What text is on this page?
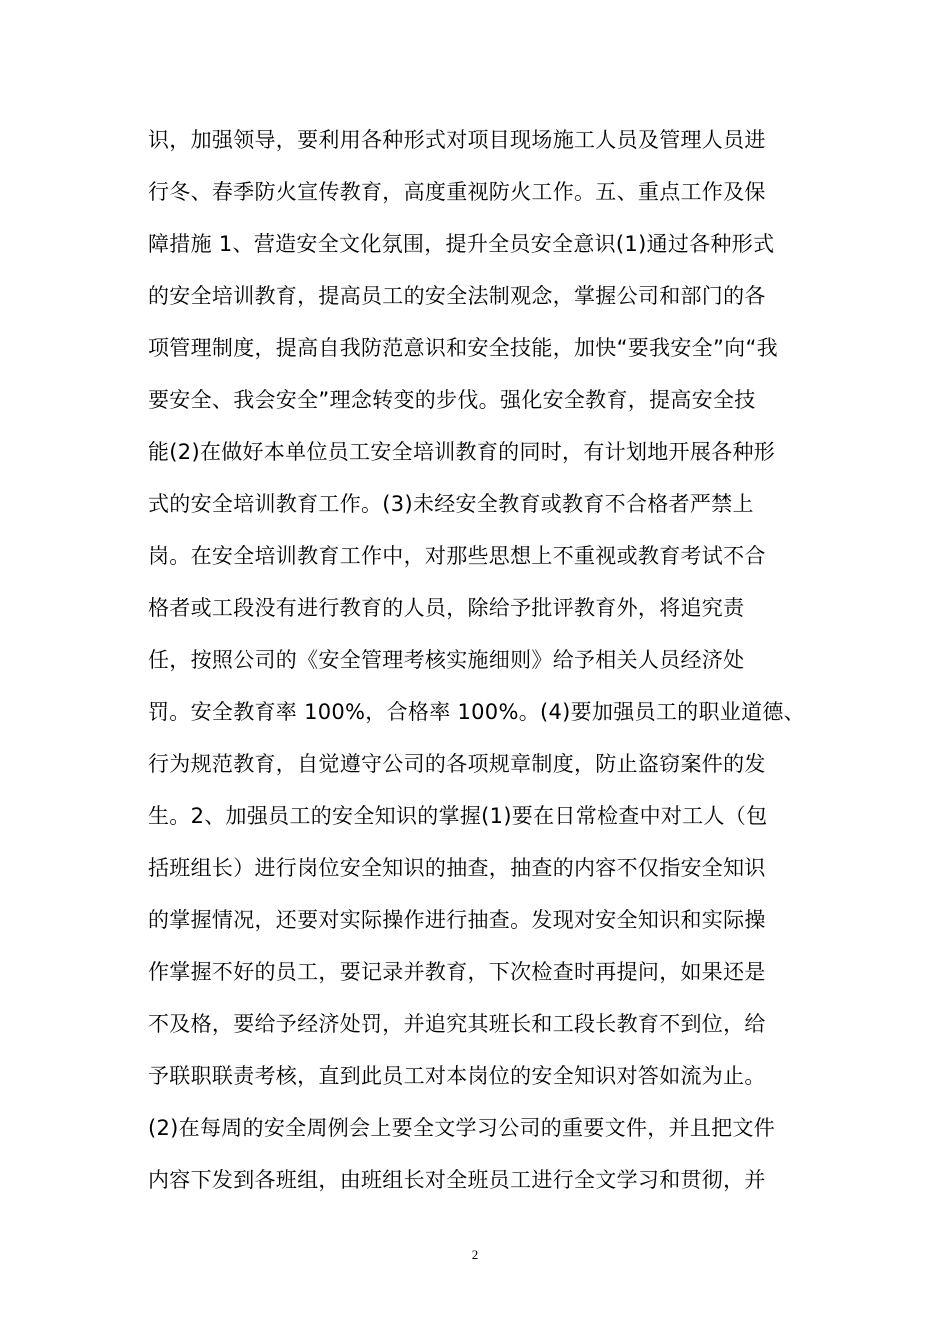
识，加强领导，要利用各种形式对项目现场施工人员及管理人员进
行冬、春季防火宣传教育，高度重视防火工作。五、重点工作及保
障措施 1、营造安全文化氛围，提升全员安全意识(1)通过各种形式
的安全培训教育，提高员工的安全法制观念，掌握公司和部门的各
项管理制度，提高自我防范意识和安全技能，加快“要我安全”向“我
要安全、我会安全”理念转变的步伐。强化安全教育，提高安全技
能(2)在做好本单位员工安全培训教育的同时，有计划地开展各种形
式的安全培训教育工作。(3)未经安全教育或教育不合格者严禁上
岗。在安全培训教育工作中，对那些思想上不重视或教育考试不合
格者或工段没有进行教育的人员，除给予批评教育外，将追究责
任，按照公司的《安全管理考核实施细则》给予相关人员经济处
罚。安全教育率 100%，合格率 100%。(4)要加强员工的职业道德、
行为规范教育，自觉遵守公司的各项规章制度，防止盗窃案件的发
生。2、加强员工的安全知识的掌握(1)要在日常检查中对工人（包
括班组长）进行岗位安全知识的抽查，抽查的内容不仅指安全知识
的掌握情况，还要对实际操作进行抽查。发现对安全知识和实际操
作掌握不好的员工，要记录并教育，下次检查时再提问，如果还是
不及格，要给予经济处罚，并追究其班长和工段长教育不到位，给
予联职联责考核，直到此员工对本岗位的安全知识对答如流为止。
(2)在每周的安全周例会上要全文学习公司的重要文件，并且把文件
内容下发到各班组，由班组长对全班员工进行全文学习和贯彻，并
2
